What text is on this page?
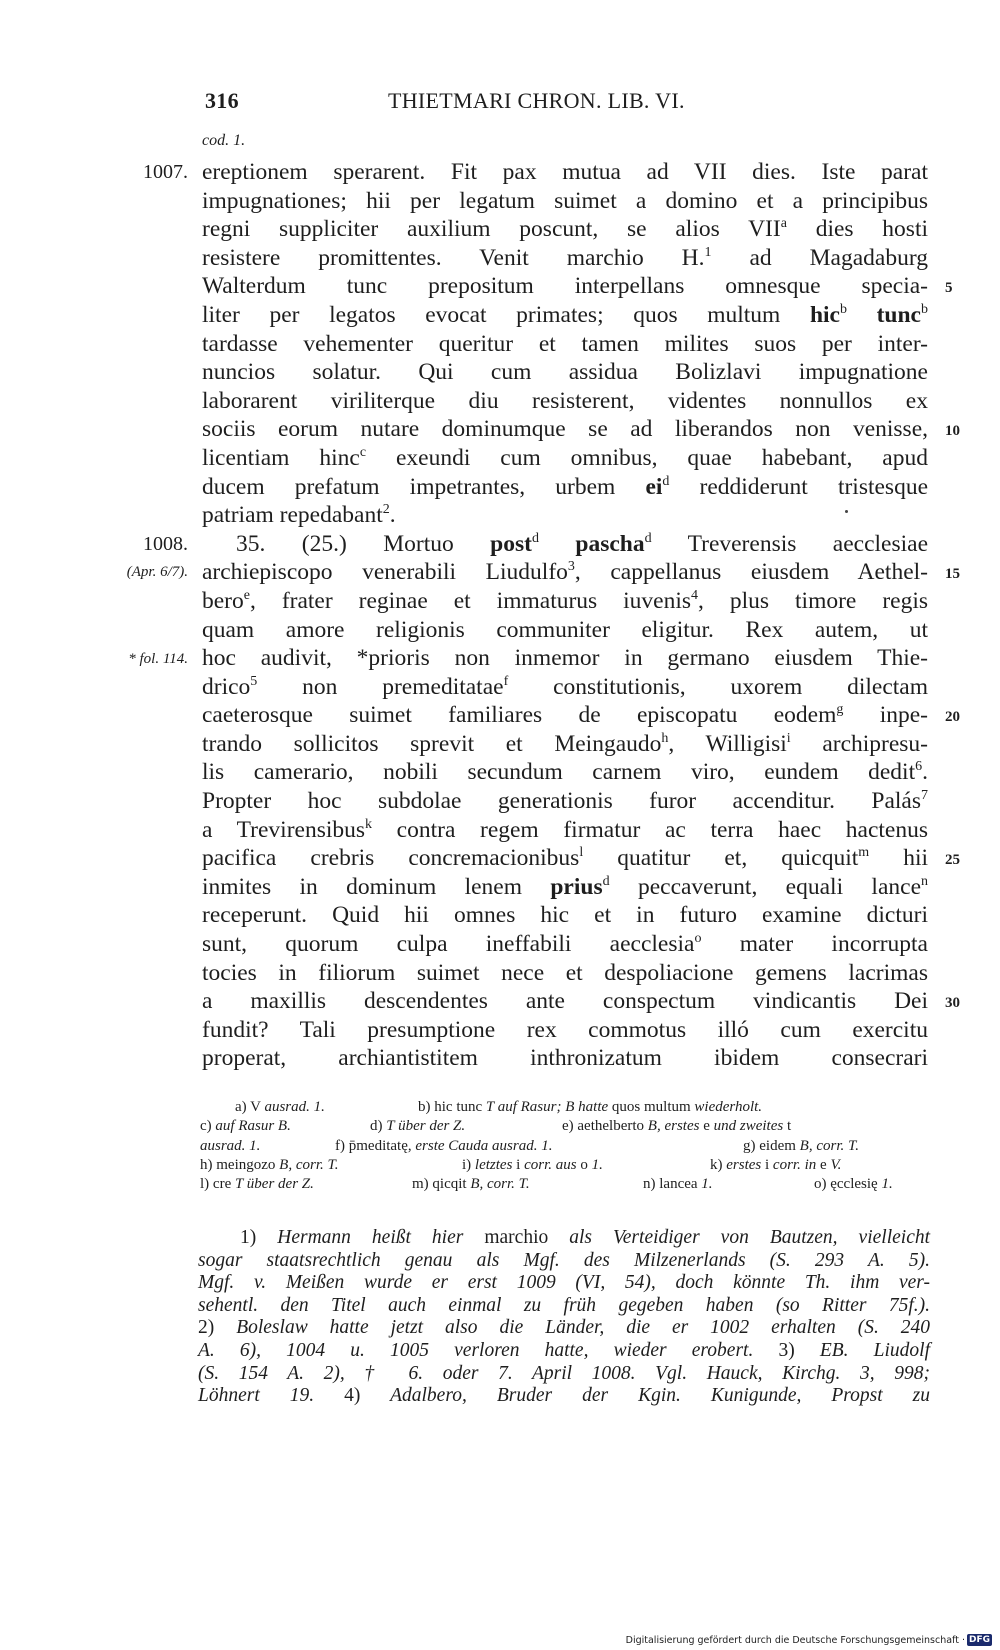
316	THIETMARI CHRON. LIB. VI.
cod. 1.
1007.
1008.
(Apr. 6/7).
* fol. 114.
5
10
15
20
25
30
ereptionem sperarent. Fit pax mutua ad VII dies. Iste parat
impugnationes; hii per legatum suimet a domino et a principibus
regni suppliciter auxilium poscunt, se alios VII$^a$ dies hosti
resistere promittentes. Venit marchio H.$^1$ ad Magadaburg
Walterdum tunc prepositum interpellans omnesque specia-
liter per legatos evocat primates; quos multum hic$^b$ tunc$^b$
tardasse vehementer queritur et tamen milites suos per inter-
nuncios solatur. Qui cum assidua Bolizlavi impugnatione
laborarent viriliterque diu resisterent, videntes nonnullos ex
sociis eorum nutare dominumque se ad liberandos non venisse,
licentiam hinc$^c$ exeundi cum omnibus, quae habebant, apud
ducem prefatum impetrantes, urbem $ei^d$ reddiderunt tristesque
patriam repedabant$^2$.
35. (25.) Mortuo post$^d$ pascha$^d$ Treverensis aecclesiae
archiepiscopo venerabili Liudulfo$^3$, cappellanus eiusdem Aethel-
bero$^e$, frater reginae et immaturus iuvenis$^4$, plus timore regis
quam amore religionis communiter eligitur. Rex autem, ut
hoc audivit, *prioris non inmemor in germano eiusdem Thie-
drico$^5$ non premeditatae$^f$ constitutionis, uxorem dilectam
caeterosque suimet familiares de episcopatu eodem$^g$ inpe-
trando sollicitos sprevit et Meingaudo$^h$, Willigisi$^i$ archipresu-
lis camerario, nobili secundum carnem viro, eundem dedit$^6$.
Propter hoc subdolae generationis furor accenditur. Palás$^7$
a Trevirensibus$^k$ contra regem firmatur ac terra haec hactenus
pacifica crebris concremacionibus$^l$ quatitur et, quicquit$^m$ hii
inmites in dominum lenem prius$^d$ peccaverunt, equali lance$^n$
receperunt. Quid hii omnes hic et in futuro examine dicturi
sunt, quorum culpa ineffabili aecclesia$^o$ mater incorrupta
tocies in filiorum suimet nece et despoliacione gemens lacrimas
a maxillis descendentes ante conspectum vindicantis Dei
fundit? Tali presumptione rex commotus illó cum exercitu
properat, archiantistitem inthronizatum ibidem consecrari
a) V ausrad. 1.	b) hic tunc T auf Rasur; B hatte quos multum wiederholt.
c) auf Rasur B.	d) T über der Z.	e) aethelberto B, erstes e und zweites t
ausrad. 1.	f) p̄meditatę, erste Cauda ausrad. 1.	g) eidem B, corr. T.
h) meingozo B, corr. T.	i) letztes i corr. aus o 1.	k) erstes i corr. in e V.
l) cre T über der Z.	m) qicqit B, corr. T.	n) lancea 1.	o) ęcclesię 1.
1) Hermann heißt hier marchio als Verteidiger von Bautzen, vielleicht
sogar staatsrechtlich genau als Mgf. des Milzenerlands (S. 293 A. 5).
Mgf. v. Meißen wurde er erst 1009 (VI, 54), doch könnte Th. ihm ver-
sehentl. den Titel auch einmal zu früh gegeben haben (so Ritter 75f.).
2) Boleslaw hatte jetzt also die Länder, die er 1002 erhalten (S. 240
A. 6), 1004 u. 1005 verloren hatte, wieder erobert. 3) EB. Liudolf
(S. 154 A. 2), † 6. oder 7. April 1008. Vgl. Hauck, Kirchg. 3, 998;
Löhnert 19. 4) Adalbero, Bruder der Kgin. Kunigunde, Propst zu
Digitalisierung gefördert durch die Deutsche Forschungsgemeinschaft · DFG
